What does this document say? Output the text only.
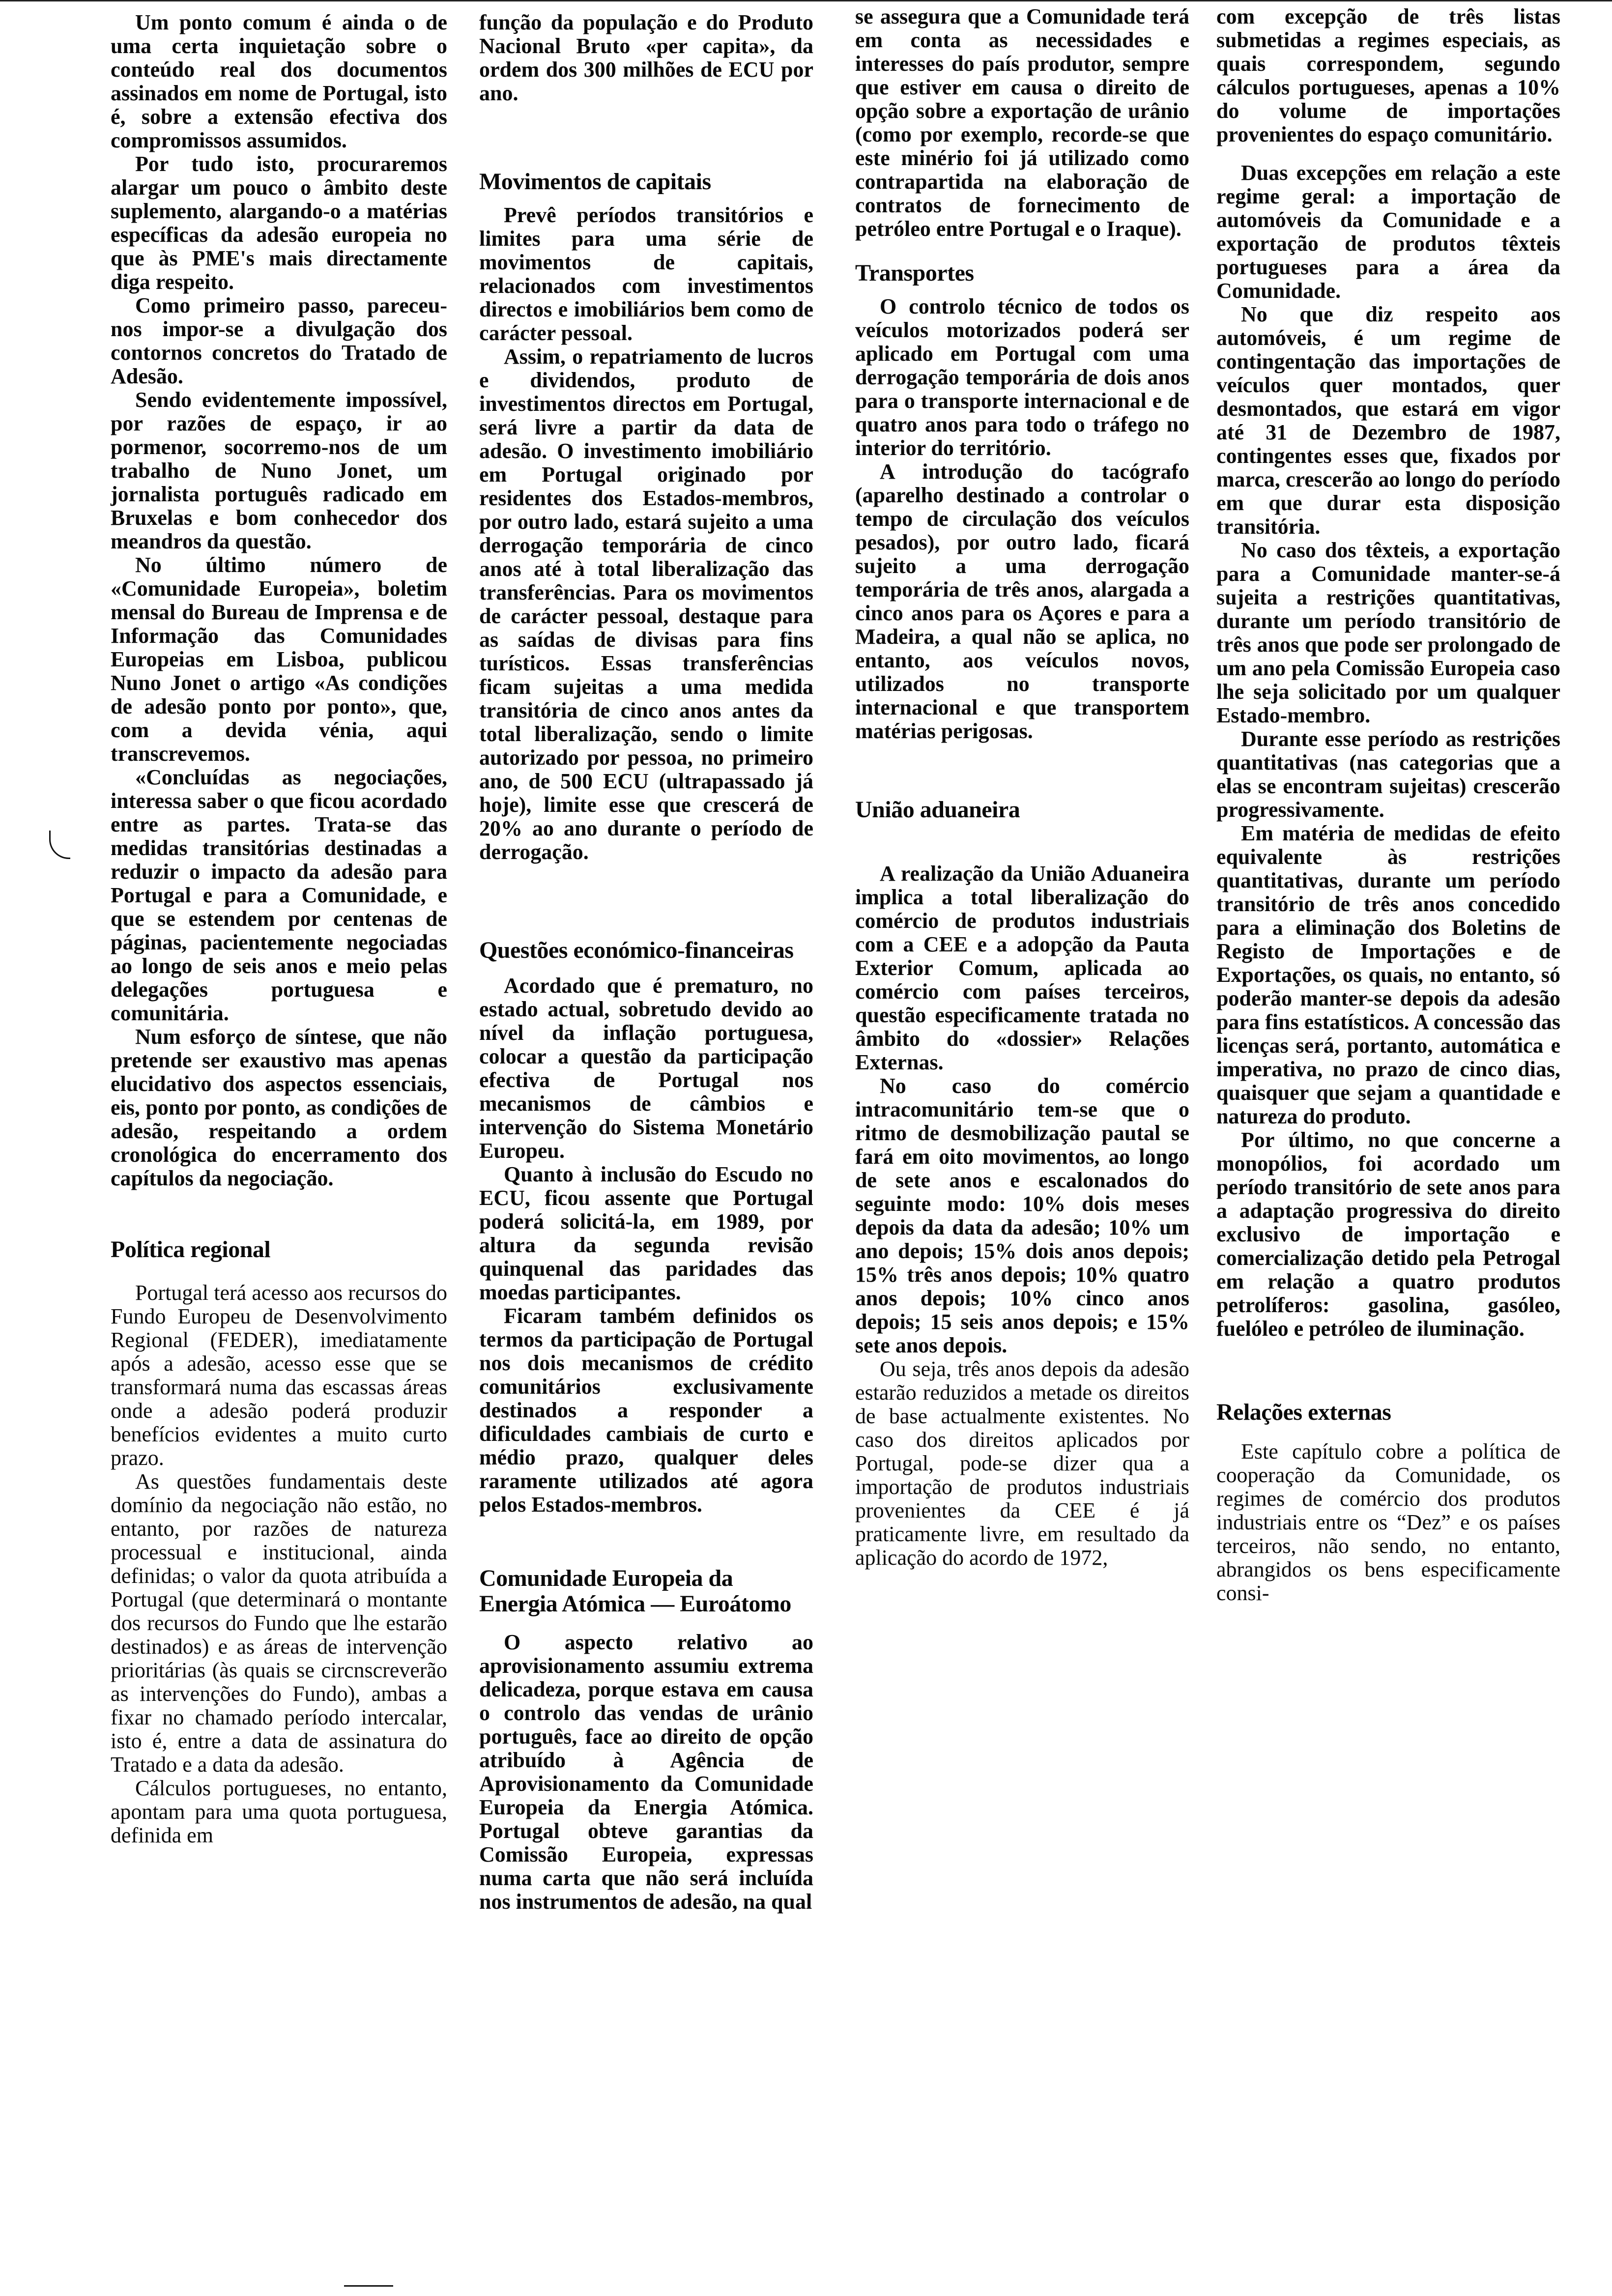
Um ponto comum é ainda o de uma certa inquietação sobre o conteúdo real dos documentos assinados em nome de Portugal, isto é, sobre a extensão efectiva dos compromissos assumidos.

Por tudo isto, procuraremos alargar um pouco o âmbito deste suplemento, alargando-o a matérias específicas da adesão europeia no que às PME's mais directamente diga respeito.

Como primeiro passo, pareceu-nos impor-se a divulgação dos contornos concretos do Tratado de Adesão.

Sendo evidentemente impossível, por razões de espaço, ir ao pormenor, socorremo-nos de um trabalho de Nuno Jonet, um jornalista português radicado em Bruxelas e bom conhecedor dos meandros da questão.

No último número de «Comunidade Europeia», boletim mensal do Bureau de Imprensa e de Informação das Comunidades Europeias em Lisboa, publicou Nuno Jonet o artigo «As condições de adesão ponto por ponto», que, com a devida vénia, aqui transcrevemos.

«Concluídas as negociações, interessa saber o que ficou acordado entre as partes. Trata-se das medidas transitórias destinadas a reduzir o impacto da adesão para Portugal e para a Comunidade, e que se estendem por centenas de páginas, pacientemente negociadas ao longo de seis anos e meio pelas delegações portuguesa e comunitária.

Num esforço de síntese, que não pretende ser exaustivo mas apenas elucidativo dos aspectos essenciais, eis, ponto por ponto, as condições de adesão, respeitando a ordem cronológica do encerramento dos capítulos da negociação.

Política regional

Portugal terá acesso aos recursos do Fundo Europeu de Desenvolvimento Regional (FEDER), imediatamente após a adesão, acesso esse que se transformará numa das escassas áreas onde a adesão poderá produzir benefícios evidentes a muito curto prazo.

As questões fundamentais deste domínio da negociação não estão, no entanto, por razões de natureza processual e institucional, ainda definidas; o valor da quota atribuída a Portugal (que determinará o montante dos recursos do Fundo que lhe estarão destinados) e as áreas de intervenção prioritárias (às quais se circnscreverão as intervenções do Fundo), ambas a fixar no chamado período intercalar, isto é, entre a data de assinatura do Tratado e a data da adesão.

Cálculos portugueses, no entanto, apontam para uma quota portuguesa, definida em

função da população e do Produto Nacional Bruto «per capita», da ordem dos 300 milhões de ECU por ano.

Movimentos de capitais

Prevê períodos transitórios e limites para uma série de movimentos de capitais, relacionados com investimentos directos e imobiliários bem como de carácter pessoal.

Assim, o repatriamento de lucros e dividendos, produto de investimentos directos em Portugal, será livre a partir da data de adesão. O investimento imobiliário em Portugal originado por residentes dos Estados-membros, por outro lado, estará sujeito a uma derrogação temporária de cinco anos até à total liberalização das transferências. Para os movimentos de carácter pessoal, destaque para as saídas de divisas para fins turísticos. Essas transferências ficam sujeitas a uma medida transitória de cinco anos antes da total liberalização, sendo o limite autorizado por pessoa, no primeiro ano, de 500 ECU (ultrapassado já hoje), limite esse que crescerá de 20% ao ano durante o período de derrogação.

Questões económico-financeiras

Acordado que é prematuro, no estado actual, sobretudo devido ao nível da inflação portuguesa, colocar a questão da participação efectiva de Portugal nos mecanismos de câmbios e intervenção do Sistema Monetário Europeu.

Quanto à inclusão do Escudo no ECU, ficou assente que Portugal poderá solicitá-la, em 1989, por altura da segunda revisão quinquenal das paridades das moedas participantes.

Ficaram também definidos os termos da participação de Portugal nos dois mecanismos de crédito comunitários exclusivamente destinados a responder a dificuldades cambiais de curto e médio prazo, qualquer deles raramente utilizados até agora pelos Estados-membros.

Comunidade Europeia da Energia Atómica — Euroátomo

O aspecto relativo ao aprovisionamento assumiu extrema delicadeza, porque estava em causa o controlo das vendas de urânio português, face ao direito de opção atribuído à Agência de Aprovisionamento da Comunidade Europeia da Energia Atómica. Portugal obteve garantias da Comissão Europeia, expressas numa carta que não será incluída nos instrumentos de adesão, na qual

se assegura que a Comunidade terá em conta as necessidades e interesses do país produtor, sempre que estiver em causa o direito de opção sobre a exportação de urânio (como por exemplo, recorde-se que este minério foi já utilizado como contrapartida na elaboração de contratos de fornecimento de petróleo entre Portugal e o Iraque).

Transportes

O controlo técnico de todos os veículos motorizados poderá ser aplicado em Portugal com uma derrogação temporária de dois anos para o transporte internacional e de quatro anos para todo o tráfego no interior do território.

A introdução do tacógrafo (aparelho destinado a controlar o tempo de circulação dos veículos pesados), por outro lado, ficará sujeito a uma derrogação temporária de três anos, alargada a cinco anos para os Açores e para a Madeira, a qual não se aplica, no entanto, aos veículos novos, utilizados no transporte internacional e que transportem matérias perigosas.

União aduaneira

A realização da União Aduaneira implica a total liberalização do comércio de produtos industriais com a CEE e a adopção da Pauta Exterior Comum, aplicada ao comércio com países terceiros, questão especificamente tratada no âmbito do «dossier» Relações Externas.

No caso do comércio intracomunitário tem-se que o ritmo de desmobilização pautal se fará em oito movimentos, ao longo de sete anos e escalonados do seguinte modo: 10% dois meses depois da data da adesão; 10% um ano depois; 15% dois anos depois; 15% três anos depois; 10% quatro anos depois; 10% cinco anos depois; 15 seis anos depois; e 15% sete anos depois.

Ou seja, três anos depois da adesão estarão reduzidos a metade os direitos de base actualmente existentes. No caso dos direitos aplicados por Portugal, pode-se dizer qua a importação de produtos industriais provenientes da CEE é já praticamente livre, em resultado da aplicação do acordo de 1972,

com excepção de três listas submetidas a regimes especiais, as quais correspondem, segundo cálculos portugueses, apenas a 10% do volume de importações provenientes do espaço comunitário.

Duas excepções em relação a este regime geral: a importação de automóveis da Comunidade e a exportação de produtos têxteis portugueses para a área da Comunidade.

No que diz respeito aos automóveis, é um regime de contingentação das importações de veículos quer montados, quer desmontados, que estará em vigor até 31 de Dezembro de 1987, contingentes esses que, fixados por marca, crescerão ao longo do período em que durar esta disposição transitória.

No caso dos têxteis, a exportação para a Comunidade manter-se-á sujeita a restrições quantitativas, durante um período transitório de três anos que pode ser prolongado de um ano pela Comissão Europeia caso lhe seja solicitado por um qualquer Estado-membro.

Durante esse período as restrições quantitativas (nas categorias que a elas se encontram sujeitas) crescerão progressivamente.

Em matéria de medidas de efeito equivalente às restrições quantitativas, durante um período transitório de três anos concedido para a eliminação dos Boletins de Registo de Importações e de Exportações, os quais, no entanto, só poderão manter-se depois da adesão para fins estatísticos. A concessão das licenças será, portanto, automática e imperativa, no prazo de cinco dias, quaisquer que sejam a quantidade e natureza do produto.

Por último, no que concerne a monopólios, foi acordado um período transitório de sete anos para a adaptação progressiva do direito exclusivo de importação e comercialização detido pela Petrogal em relação a quatro produtos petrolíferos: gasolina, gasóleo, fuelóleo e petróleo de iluminação.

Relações externas

Este capítulo cobre a política de cooperação da Comunidade, os regimes de comércio dos produtos industriais entre os “Dez” e os países terceiros, não sendo, no entanto, abrangidos os bens especificamente consi-
